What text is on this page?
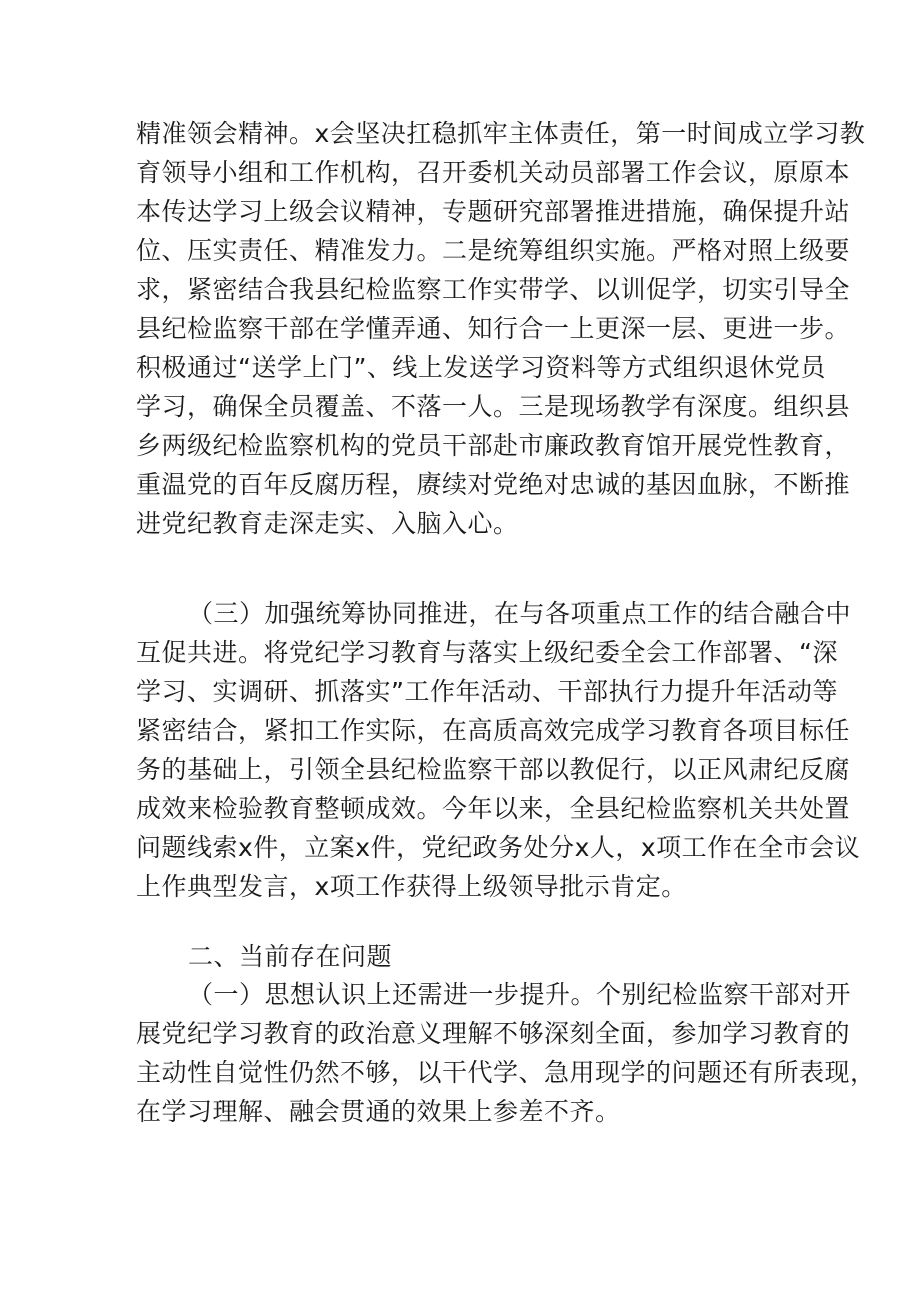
精准领会精神。x会坚决扛稳抓牢主体责任，第一时间成立学习教
育领导小组和工作机构，召开委机关动员部署工作会议，原原本
本传达学习上级会议精神，专题研究部署推进措施，确保提升站
位、压实责任、精准发力。二是统筹组织实施。严格对照上级要
求，紧密结合我县纪检监察工作实带学、以训促学，切实引导全
县纪检监察干部在学懂弄通、知行合一上更深一层、更进一步。
积极通过“送学上门”、线上发送学习资料等方式组织退休党员
学习，确保全员覆盖、不落一人。三是现场教学有深度。组织县
乡两级纪检监察机构的党员干部赴市廉政教育馆开展党性教育，
重温党的百年反腐历程，赓续对党绝对忠诚的基因血脉，不断推
进党纪教育走深走实、入脑入心。
（三）加强统筹协同推进，在与各项重点工作的结合融合中
互促共进。将党纪学习教育与落实上级纪委全会工作部署、“深
学习、实调研、抓落实”工作年活动、干部执行力提升年活动等
紧密结合，紧扣工作实际，在高质高效完成学习教育各项目标任
务的基础上，引领全县纪检监察干部以教促行，以正风肃纪反腐
成效来检验教育整顿成效。今年以来，全县纪检监察机关共处置
问题线索x件，立案x件，党纪政务处分x人，x项工作在全市会议
上作典型发言，x项工作获得上级领导批示肯定。
二、当前存在问题
（一）思想认识上还需进一步提升。个别纪检监察干部对开
展党纪学习教育的政治意义理解不够深刻全面，参加学习教育的
主动性自觉性仍然不够，以干代学、急用现学的问题还有所表现，
在学习理解、融会贯通的效果上参差不齐。
